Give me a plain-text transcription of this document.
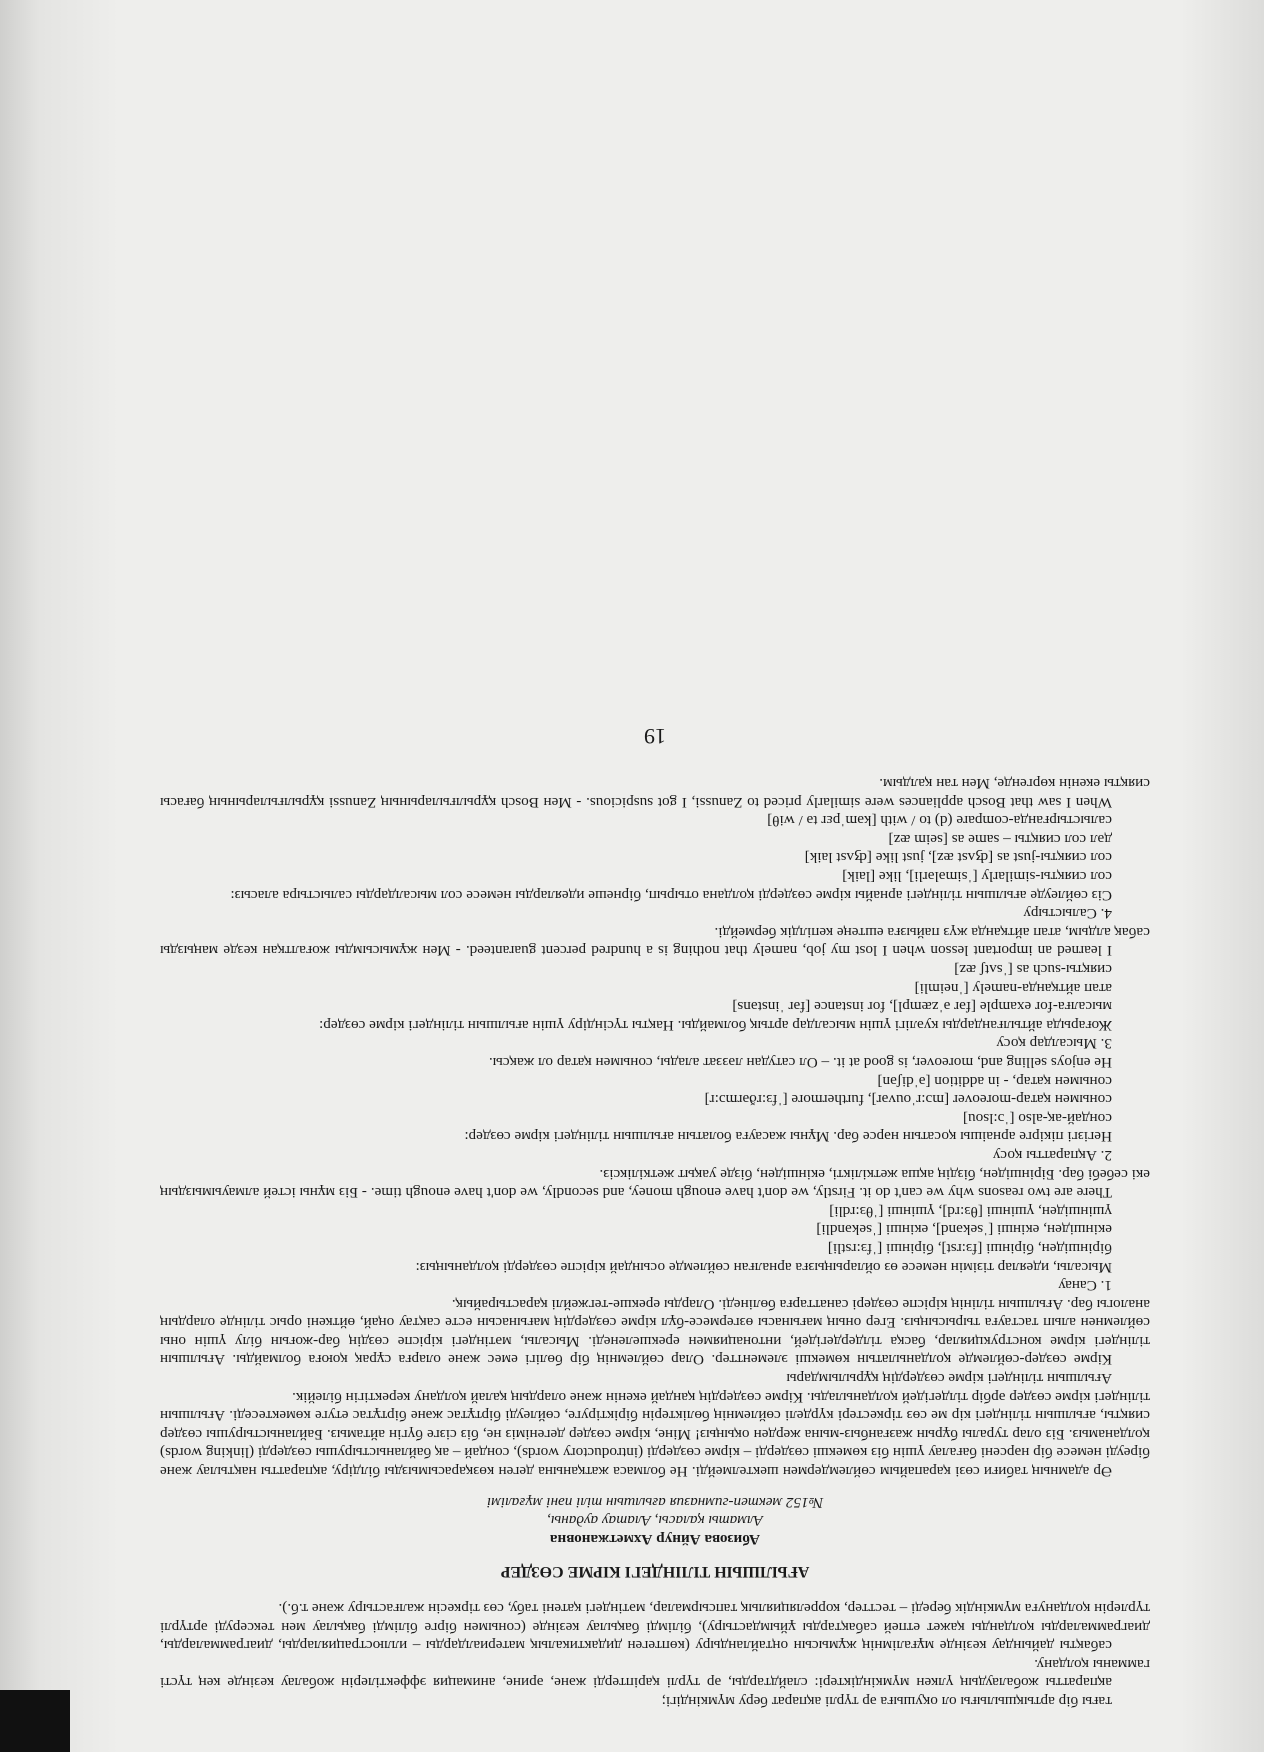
тағы бір артықшылығы ол оқушыға әр түрлі ақпарат беру мүмкіндігі;

ақпаратты жобалаудың үлкен мүмкіндіктері: слайдтарды, әр түрлі қаріптерді және, әрине, анимация эффектілерін жобалау кезінде кең түсті гамманы қолдану.

сабақты дайындау кезінде мұғалімнің жұмысын оңтайландыру (көптеген дидактикалық материалдарды – иллюстрацияларды, диаграммаларды, диаграммаларды қолданды қажет етпей сабақтарды ұйымдастыру), білімді бақылау кезінде (сонымен бірге білімді бақылау мен тексеруді әртүрлі түрлерін қолдануға мүмкіндік береді – тесттер, корреляциялық тапсырмалар, мәтіндегі қатені табу, сөз тіркесін жалғастыру және т.б.).

АҒЫЛШЫН ТІЛІНДЕГІ КІРМЕ СӨЗДЕР

Абизова Айнур Ахметжановна

Алматы қаласы, Алатау ауданы,

№152 мектеп-гимназия ағылшын тілі пәні мұғалімі

Әр адамның табиғи сөзі қарапайым сөйлемдермен шектелмейді. Не болмаса жатқанына деген көзқарасымызды білдіру, ақпаратты нақтылау және біреуді немесе бір нәрсені бағалау үшін біз көмекші сөздерді – кірме сөздерді (introductory words), сондай – ақ байланыстырушы сөздерді (linking words) қолданамыз. Біз олар туралы бұрын жазғанбыз-мына жерден оқыңыз! Міне, кірме сөздер дегеніміз не, біз сізге бүгін айтамыз. Байланыстырушы сөздер сияқты, ағылшын тіліндегі кір ме сөз тіркестері күрделі сөйлемнің бөліктерін біріктіруге, сөйлеуді біртұтас және біртұтас етуге көмектеседі. Ағылшын тіліндегі кірме сөздер әрбір тілдегідей қолданылады. Кірме сөздердің қандай екенін және олардың қалай қолдану керектігін білейік.

Ағылшын тіліндегі кірме сөздердің құрылымдары

Кірме сөздер-сөйлемде қолданылатын көмекші элементтер. Олар сөйлемнің бір бөлігі емес және оларға сұрақ қоюға болмайды. Ағылшын тіліндегі кірме конструкциялар, басқа тілдердегідей, интонациямен ерекшеленеді. Мысалы, мәтіндегі кіріспе сөздің бар-жоғын білу үшін оны сөйлемнен алып тастауға тырысыңыз. Егер оның мағынасы өзгермесе-бұл кірме сөздердің мағынасын есте сақтау оңай, өйткені орыс тілінде олардың аналогы бар. Ағылшын тілінің кіріспе сөздері санаттарға бөлінеді. Оларды ерекше-тегжейлі қарастырайық.

1. Санау

Мысалы, идеялар тізімін немесе өз ойларыңызға арналған сөйлемде осындай кіріспе сөздерді қолданыңыз:

біріншіден, бірінші [fɜ:rst], бірінші [ˈfɜ:rstli]

екіншіден, екінші [ˈsekənd], екінші [ˈsekəndli]

үшіншіден, үшінші [θɜ:rd], үшінші [ˈθɜ:rdli]

There are two reasons why we can't do it. Firstly, we don't have enough money, and secondly, we don't have enough time. - Біз мұны істей алмауымыздың екі себебі бар. Біріншіден, біздің ақша жеткілікті, екіншіден, бізде уақыт жеткіліксіз.

2. Ақпаратты қосу

Негізгі пікірге арнаішы қосатын нәрсе бар. Мұны жасауға болатын ағылшын тіліндегі кірме сөздер:

сондай-ақ-also [ˈɔ:lsou]

сонымен қатар-moreover [mɔ:rˈouvər], furthermore [ˈfɜ:rðərmɔ:r]

сонымен қатар, - in addition [əˈdiʃən]

He enjoys selling and, moreover, is good at it. – Ол сатудан ләззат алады, сонымен қатар ол жақсы.

3. Мысалдар қосу

Жоғарыда айтылғандарды куәлігі үшін мысалдар артық болмайды. Нақты түсіндіру үшін ағылшын тіліндегі кірме сөздер:

мысалға-for example [fər əˈzæmpl], for instance [fər ˈinstəns]

атап айтқанда-namely [ˈneimli]

сияқты-such as [ˈsʌtʃ æz]

I learned an important lesson when I lost my job, namely that nothing is a hundred percent guaranteed. - Мен жұмысымды жоғалтқан кезде маңызды сабақ алдым, атап айтқанда жүз пайызға ештеңе кепілдік бермейді.

4. Салыстыру

Сіз сөйлеуде ағылшын тіліндегі арнайы кірме сөздерді қолдана отырып, бірнеше идеяларды немесе сол мысалдарды салыстыра аласыз:

сол сияқты-similarly [ˈsimələrli], like [laik]

сол сияқты-just as [ʤʌst æz], just like [ʤʌst laik]

дәл сол сияқты – same as [seim æz]

салыстырғанда-compare (d) to / with [kəmˈpɛr tə / wiθ]

When I saw that Bosch appliances were similarly priced to Zanussi, I got suspicious. - Мен Bosch құрылғыларының Zanussi құрылғыларының бағасы сияқты екенін көргенде, Мен тан қалдым.

19
